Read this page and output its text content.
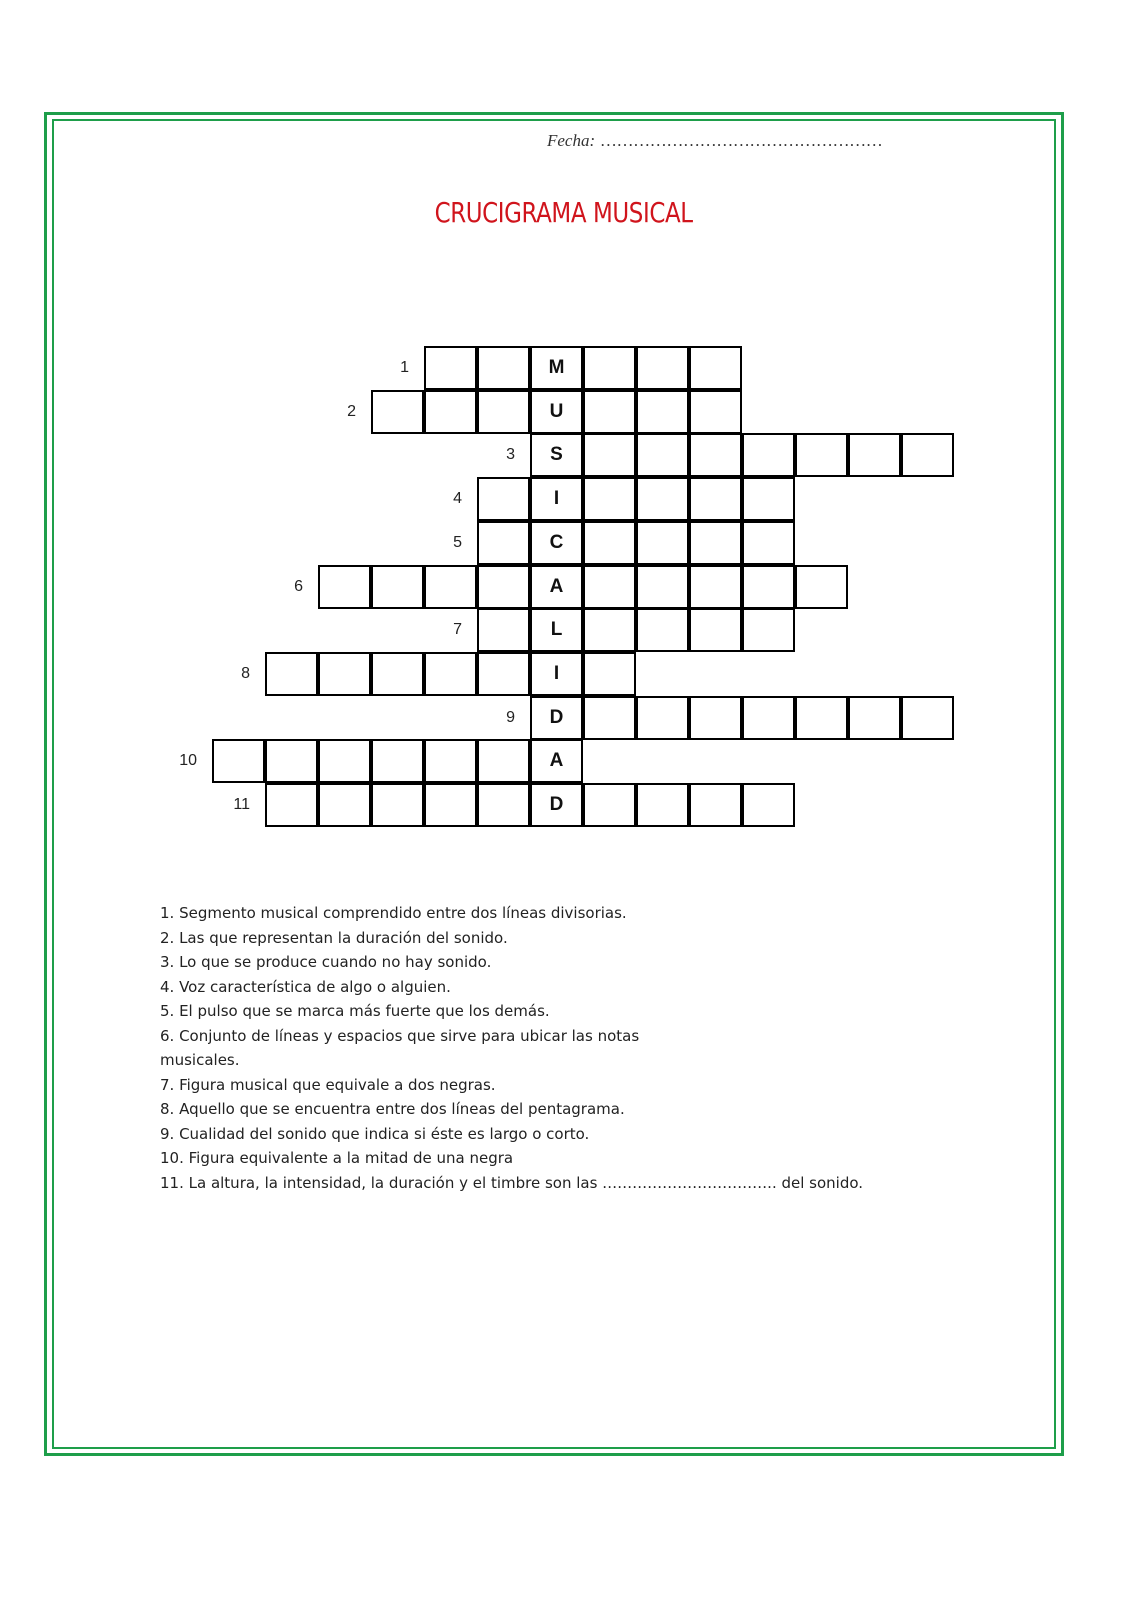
Fecha: ……………………………………………
CRUCIGRAMA MUSICAL
1	M
2	U
3	S
4	I
5	C
6	A
7	L
8	I
9	D
10	A
11	D
1. Segmento musical comprendido entre dos líneas divisorias.
2. Las que representan la duración del sonido.
3. Lo que se produce cuando no hay sonido.
4. Voz característica de algo o alguien.
5. El pulso que se marca más fuerte que los demás.
6. Conjunto de líneas y espacios que sirve para ubicar las notas musicales.
7. Figura musical que equivale a dos negras.
8. Aquello que se encuentra entre dos líneas del pentagrama.
9. Cualidad del sonido que indica si éste es largo o corto.
10. Figura equivalente a la mitad de una negra
11. La altura, la intensidad, la duración y el timbre son las …………………………….. del sonido.
